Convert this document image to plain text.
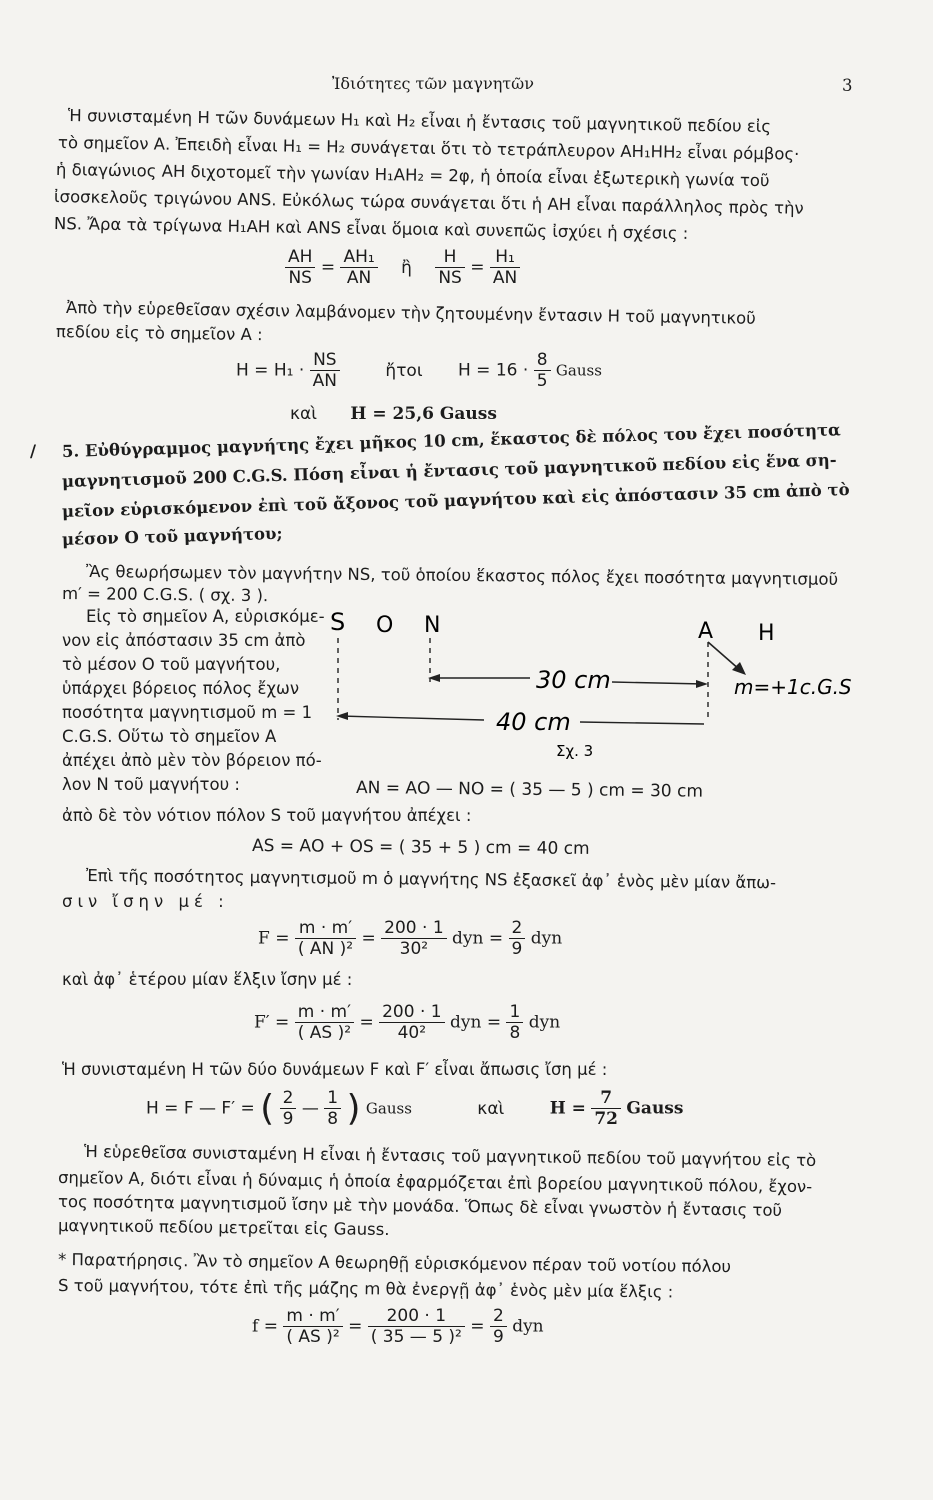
Ἰδιότητες τῶν μαγνητῶν	3
Ἡ συνισταμένη Η τῶν δυνάμεων Η₁ καὶ Η₂ εἶναι ἡ ἔντασις τοῦ μαγνητικοῦ πεδίου εἰς
τὸ σημεῖον Α. Ἐπειδὴ εἶναι Η₁ = Η₂ συνάγεται ὅτι τὸ τετράπλευρον ΑΗ₁ΗΗ₂ εἶναι ρόμβος·
ἡ διαγώνιος ΑΗ διχοτομεῖ τὴν γωνίαν Η₁ΑΗ₂ = 2φ, ἡ ὁποία εἶναι ἐξωτερικὴ γωνία τοῦ
ἰσοσκελοῦς τριγώνου ΑΝS. Εὐκόλως τώρα συνάγεται ὅτι ἡ ΑΗ εἶναι παράλληλος πρὸς τὴν
ΝS. Ἄρα τὰ τρίγωνα Η₁ΑΗ καὶ ΑΝS εἶναι ὅμοια καὶ συνεπῶς ἰσχύει ἡ σχέσις :
$\frac{AH}{NS} = \frac{\text{ΑΗ₁}}{AN}$ ἢ $\frac{H}{NS} = \frac{\text{Η₁}}{AN}$
Ἀπὸ τὴν εὑρεθεῖσαν σχέσιν λαμβάνομεν τὴν ζητουμένην ἔντασιν Η τοῦ μαγνητικοῦ
πεδίου εἰς τὸ σημεῖον Α :
$H = H_1 \cdot \frac{NS}{AN}$	ἤτοι $H = 16 \cdot \frac{8}{5}$ Gauss
καὶ Η = 25,6 Gauss
/ 5. Εὐθύγραμμος μαγνήτης ἔχει μῆκος 10 cm, ἕκαστος δὲ πόλος του ἔχει ποσότητα
μαγνητισμοῦ 200 C.G.S. Πόση εἶναι ἡ ἔντασις τοῦ μαγνητικοῦ πεδίου εἰς ἕνα ση-
μεῖον εὑρισκόμενον ἐπὶ τοῦ ἄξονος τοῦ μαγνήτου καὶ εἰς ἀπόστασιν 35 cm ἀπὸ τὸ
μέσον Ο τοῦ μαγνήτου;
Ἂς θεωρήσωμεν τὸν μαγνήτην ΝS, τοῦ ὁποίου ἕκαστος πόλος ἔχει ποσότητα μαγνητισμοῦ
m′ = 200 C.G.S. ( σχ. 3 ).
Εἰς τὸ σημεῖον Α, εὑρισκόμε-
νον εἰς ἀπόστασιν 35 cm ἀπὸ
τὸ μέσον Ο τοῦ μαγνήτου,
ὑπάρχει βόρειος πόλος ἔχων
ποσότητα μαγνητισμοῦ m = 1
C.G.S. Οὕτω τὸ σημεῖον Α
ἀπέχει ἀπὸ μὲν τὸν βόρειον πό-
λον Ν τοῦ μαγνήτου :
S O N	A H
30 cm	m=+1c.G.S
40 cm
Σχ. 3
ΑΝ = ΑΟ — ΝΟ = ( 35 — 5 ) cm = 30 cm
ἀπὸ δὲ τὸν νότιον πόλον S τοῦ μαγνήτου ἀπέχει :
ΑS = ΑΟ + ΟS = ( 35 + 5 ) cm = 40 cm
Ἐπὶ τῆς ποσότητος μαγνητισμοῦ m ὁ μαγνήτης ΝS ἐξασκεῖ ἀφ᾽ ἑνὸς μὲν μίαν ἄπω-
σιν ἴσην μέ :
$F = \frac{m \cdot m'}{\text{( ΑΝ )²}} = \frac{200 \cdot 1}{\text{30²}}$ dyn = $\frac{2}{9}$ dyn
καὶ ἀφ᾽ ἑτέρου μίαν ἕλξιν ἴσην μέ :
$F' = \frac{m \cdot m'}{\text{( ΑS )²}} = \frac{200 \cdot 1}{\text{40²}}$ dyn = $\frac{1}{8}$ dyn
Ἡ συνισταμένη Η τῶν δύο δυνάμεων F καὶ F′ εἶναι ἄπωσις ἴση μέ :
Η = F — F′ = ( $\frac{2}{9}$ — $\frac{1}{8}$ ) Gauss	καὶ	$H = \frac{7}{72}$ Gauss
Ἡ εὑρεθεῖσα συνισταμένη Η εἶναι ἡ ἔντασις τοῦ μαγνητικοῦ πεδίου τοῦ μαγνήτου εἰς τὸ
σημεῖον Α, διότι εἶναι ἡ δύναμις ἡ ὁποία ἐφαρμόζεται ἐπὶ βορείου μαγνητικοῦ πόλου, ἔχον-
τος ποσότητα μαγνητισμοῦ ἴσην μὲ τὴν μονάδα. Ὅπως δὲ εἶναι γνωστὸν ἡ ἔντασις τοῦ
μαγνητικοῦ πεδίου μετρεῖται εἰς Gauss.
* Παρατήρησις. Ἂν τὸ σημεῖον Α θεωρηθῇ εὑρισκόμενον πέραν τοῦ νοτίου πόλου
S τοῦ μαγνήτου, τότε ἐπὶ τῆς μάζης m θὰ ἐνεργῇ ἀφ᾽ ἑνὸς μὲν μία ἕλξις :
$f = \frac{m \cdot m'}{\text{( ΑS )²}} = \frac{200 \cdot 1}{\text{( 35 — 5 )²}} = \frac{2}{9}$ dyn
